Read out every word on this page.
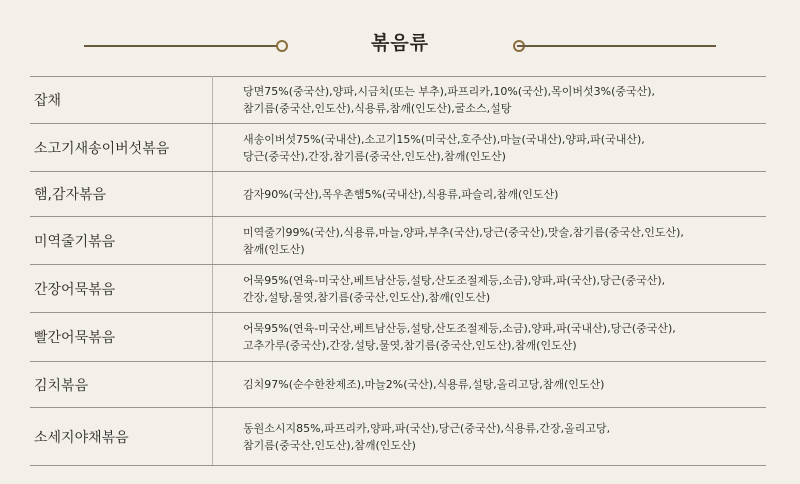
볶음류
잡채	당면75%(중국산),양파,시금치(또는 부추),파프리카,10%(국산),목이버섯3%(중국산),
참기름(중국산,인도산),식용류,참깨(인도산),굴소스,설탕

소고기새송이버섯볶음	새송이버섯75%(국내산),소고기15%(미국산,호주산),마늘(국내산),양파,파(국내산),
당근(중국산),간장,참기름(중국산,인도산),참깨(인도산)

햄,감자볶음	감자90%(국산),목우촌햄5%(국내산),식용류,파슬리,참깨(인도산)

미역줄기볶음	미역줄기99%(국산),식용류,마늘,양파,부추(국산),당근(중국산),맛술,참기름(중국산,인도산),
참깨(인도산)

간장어묵볶음	어묵95%(연육-미국산,베트남산등,설탕,산도조절제등,소금),양파,파(국산),당근(중국산),
간장,설탕,물엿,참기름(중국산,인도산),참깨(인도산)

빨간어묵볶음	어묵95%(연육-미국산,베트남산등,설탕,산도조절제등,소금),양파,파(국내산),당근(중국산),
고추가루(중국산),간장,설탕,물엿,참기름(중국산,인도산),참깨(인도산)

김치볶음	김치97%(순수한찬제조),마늘2%(국산),식용류,설탕,올리고당,참깨(인도산)

소세지야채볶음	동원소시지85%,파프리카,양파,파(국산),당근(중국산),식용류,간장,올리고당,
참기름(중국산,인도산),참깨(인도산)
